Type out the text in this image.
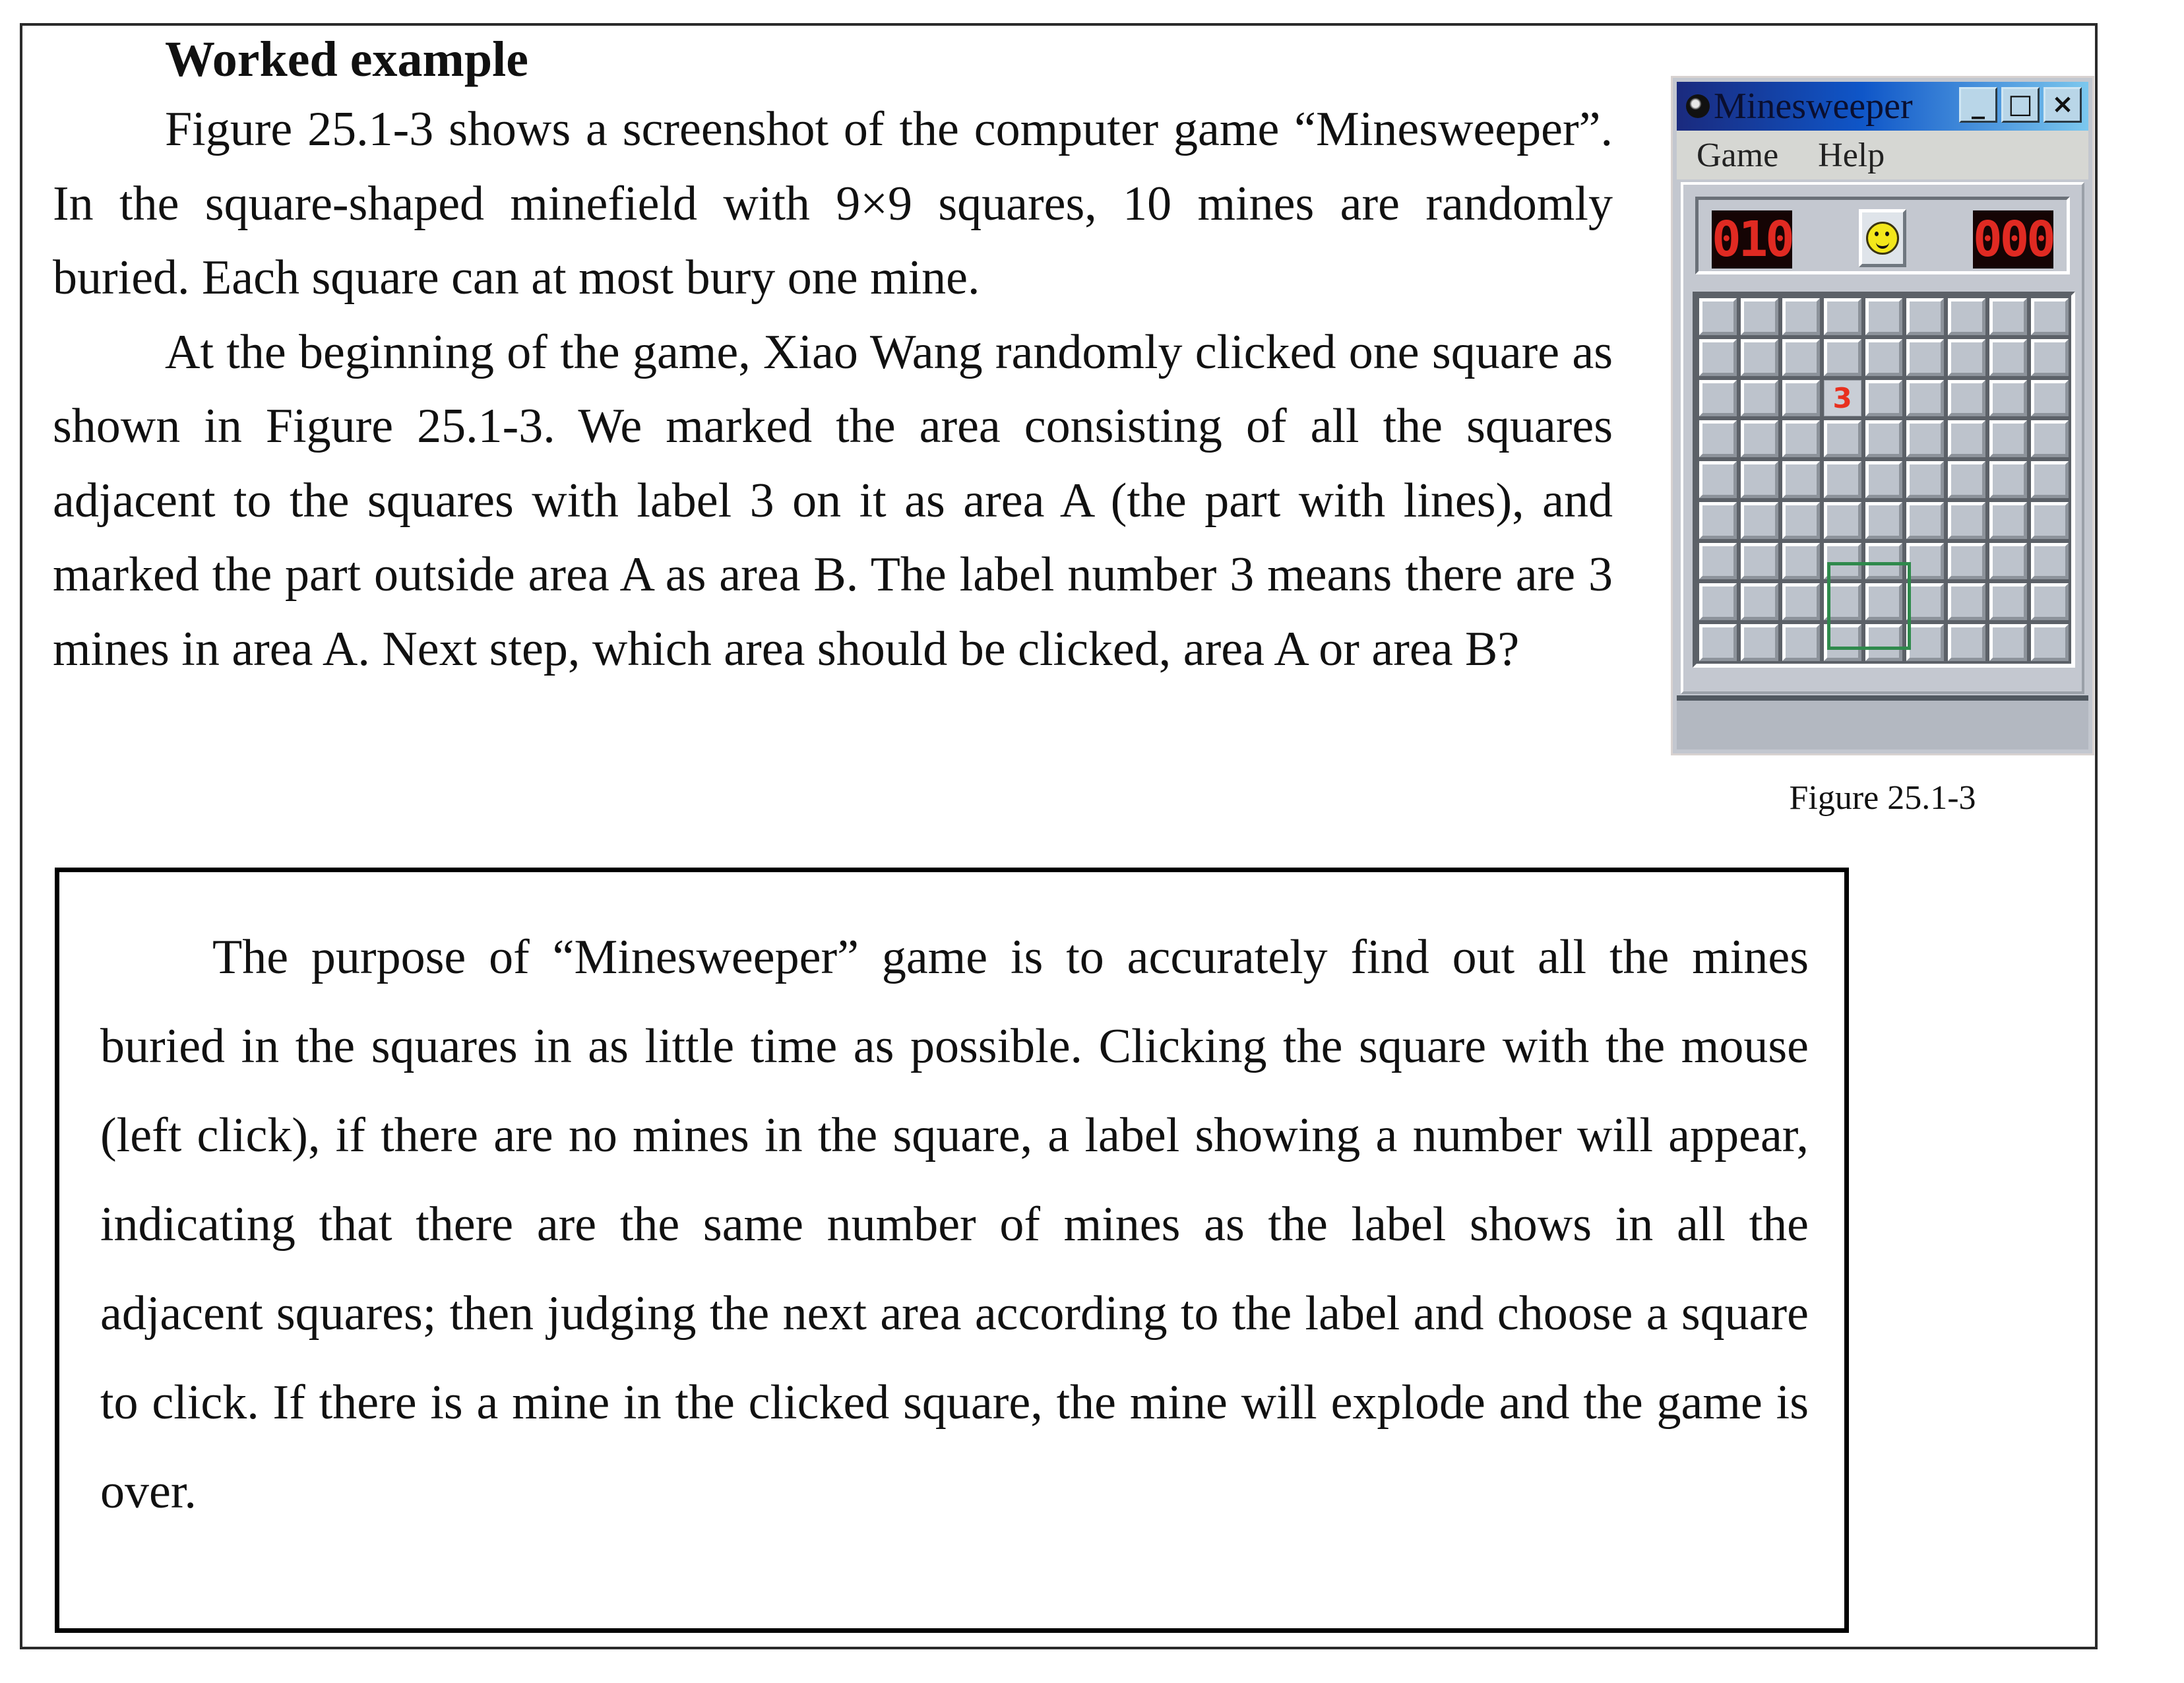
Worked example

Figure 25.1-3 shows a screenshot of the computer game “Minesweeper”. In the square-shaped minefield with 9×9 squares, 10 mines are randomly buried. Each square can at most bury one mine.

At the beginning of the game, Xiao Wang randomly clicked one square as shown in Figure 25.1-3. We marked the area consisting of all the squares adjacent to the squares with label 3 on it as area A (the part with lines), and marked the part outside area A as area B. The label number 3 means there are 3 mines in area A. Next step, which area should be clicked, area A or area B?

Minesweeper	_ □ ×
Game Help
010	000
3
Figure 25.1-3

The purpose of “Minesweeper” game is to accurately find out all the mines buried in the squares in as little time as possible. Clicking the square with the mouse (left click), if there are no mines in the square, a label showing a number will appear, indicating that there are the same number of mines as the label shows in all the adjacent squares; then judging the next area according to the label and choose a square to click. If there is a mine in the clicked square, the mine will explode and the game is over.
